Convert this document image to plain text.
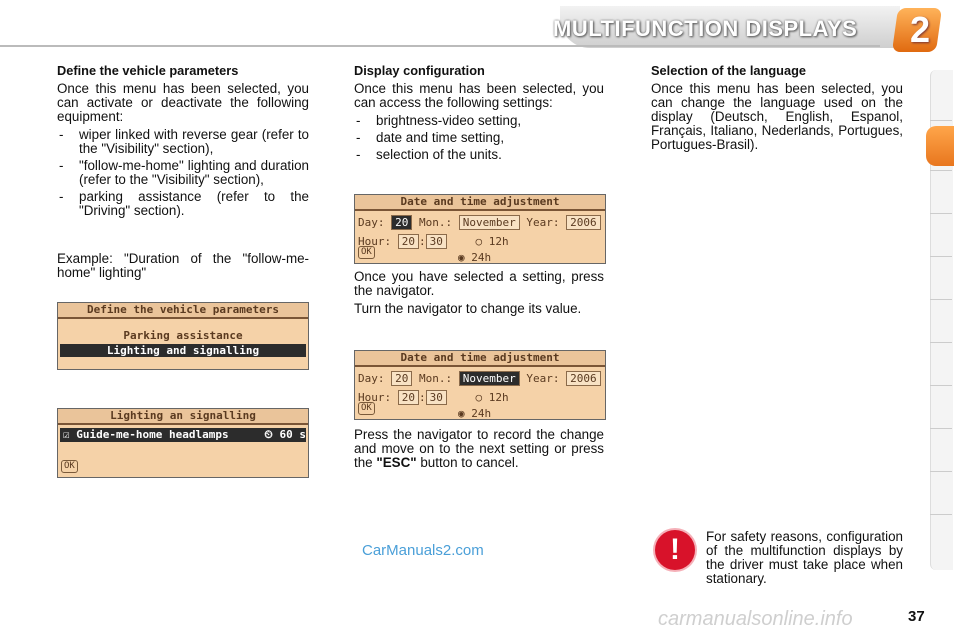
MULTIFUNCTION DISPLAYS 2
Define the vehicle parameters

Once this menu has been selected, you can activate or deactivate the following equipment:

- wiper linked with reverse gear (refer to the "Visibility" section),
- "follow-me-home" lighting and duration (refer to the "Visibility" section),
- parking assistance (refer to the "Driving" section).

Example: "Duration of the "follow-me-home" lighting"

Define the vehicle parameters
Parking assistance
Lighting and signalling
Lighting an signalling
☑ Guide-me-home headlamps	⏲ 60 s
OK
Display configuration

Once this menu has been selected, you can access the following settings:

- brightness-video setting,
- date and time setting,
- selection of the units.
Date and time adjustment
Day: 20 Mon.: November Year: 2006
Hour: 20 : 30	○ 12h
◉ 24h
OK

Once you have selected a setting, press the navigator.

Turn the navigator to change its value.

Date and time adjustment
Day: 20 Mon.: November Year: 2006
Hour: 20 : 30	○ 12h
◉ 24h
OK

Press the navigator to record the change and move on to the next setting or press the "ESC" button to cancel.

Selection of the language

Once this menu has been selected, you can change the language used on the display (Deutsch, English, Espanol, Français, Italiano, Nederlands, Portugues, Portugues-Brasil).

!	For safety reasons, configuration of the multifunction displays by the driver must take place when stationary.

CarManuals2.com
carmanualsonline.info	37
